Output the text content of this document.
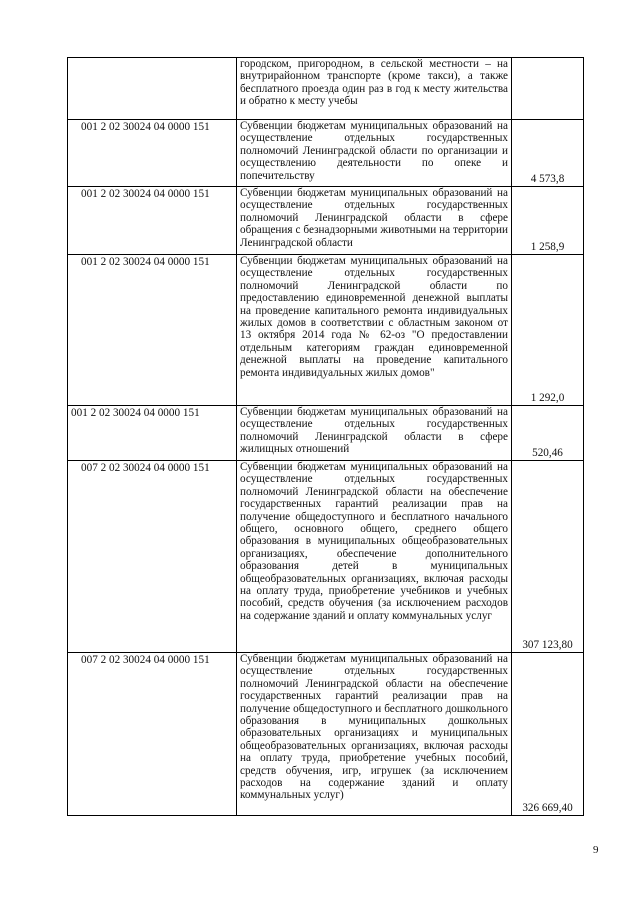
	городском, пригородном, в сельской местности – на внутрирайонном транспорте (кроме такси), а также бесплатного проезда один раз в год к месту жительства и обратно к месту учебы	

001 2 02 30024 04 0000 151	Субвенции бюджетам муниципальных образований на осуществление отдельных государственных полномочий Ленинградской области по организации и осуществлению деятельности по опеке и попечительству	4 573,8

001 2 02 30024 04 0000 151	Субвенции бюджетам муниципальных образований на осуществление отдельных государственных полномочий Ленинградской области в сфере обращения с безнадзорными животными на территории Ленинградской области	1 258,9

001 2 02 30024 04 0000 151	Субвенции бюджетам муниципальных образований на осуществление отдельных государственных полномочий Ленинградской области по предоставлению единовременной денежной выплаты на проведение капитального ремонта индивидуальных жилых домов в соответствии с областным законом от 13 октября 2014 года № 62-оз "О предоставлении отдельным категориям граждан единовременной денежной выплаты на проведение капитального ремонта индивидуальных жилых домов"	1 292,0

001 2 02 30024 04 0000 151	Субвенции бюджетам муниципальных образований на осуществление отдельных государственных полномочий Ленинградской области в сфере жилищных отношений	520,46

007 2 02 30024 04 0000 151	Субвенции бюджетам муниципальных образований на осуществление отдельных государственных полномочий Ленинградской области на обеспечение государственных гарантий реализации прав на получение общедоступного и бесплатного начального общего, основного общего, среднего общего образования в муниципальных общеобразовательных организациях, обеспечение дополнительного образования детей в муниципальных общеобразовательных организациях, включая расходы на оплату труда, приобретение учебников и учебных пособий, средств обучения (за исключением расходов на содержание зданий и оплату коммунальных услуг	307 123,80

007 2 02 30024 04 0000 151	Субвенции бюджетам муниципальных образований на осуществление отдельных государственных полномочий Ленинградской области на обеспечение государственных гарантий реализации прав на получение общедоступного и бесплатного дошкольного образования в муниципальных дошкольных образовательных организациях и муниципальных общеобразовательных организациях, включая расходы на оплату труда, приобретение учебных пособий, средств обучения, игр, игрушек (за исключением расходов на содержание зданий и оплату коммунальных услуг)	326 669,40
9
